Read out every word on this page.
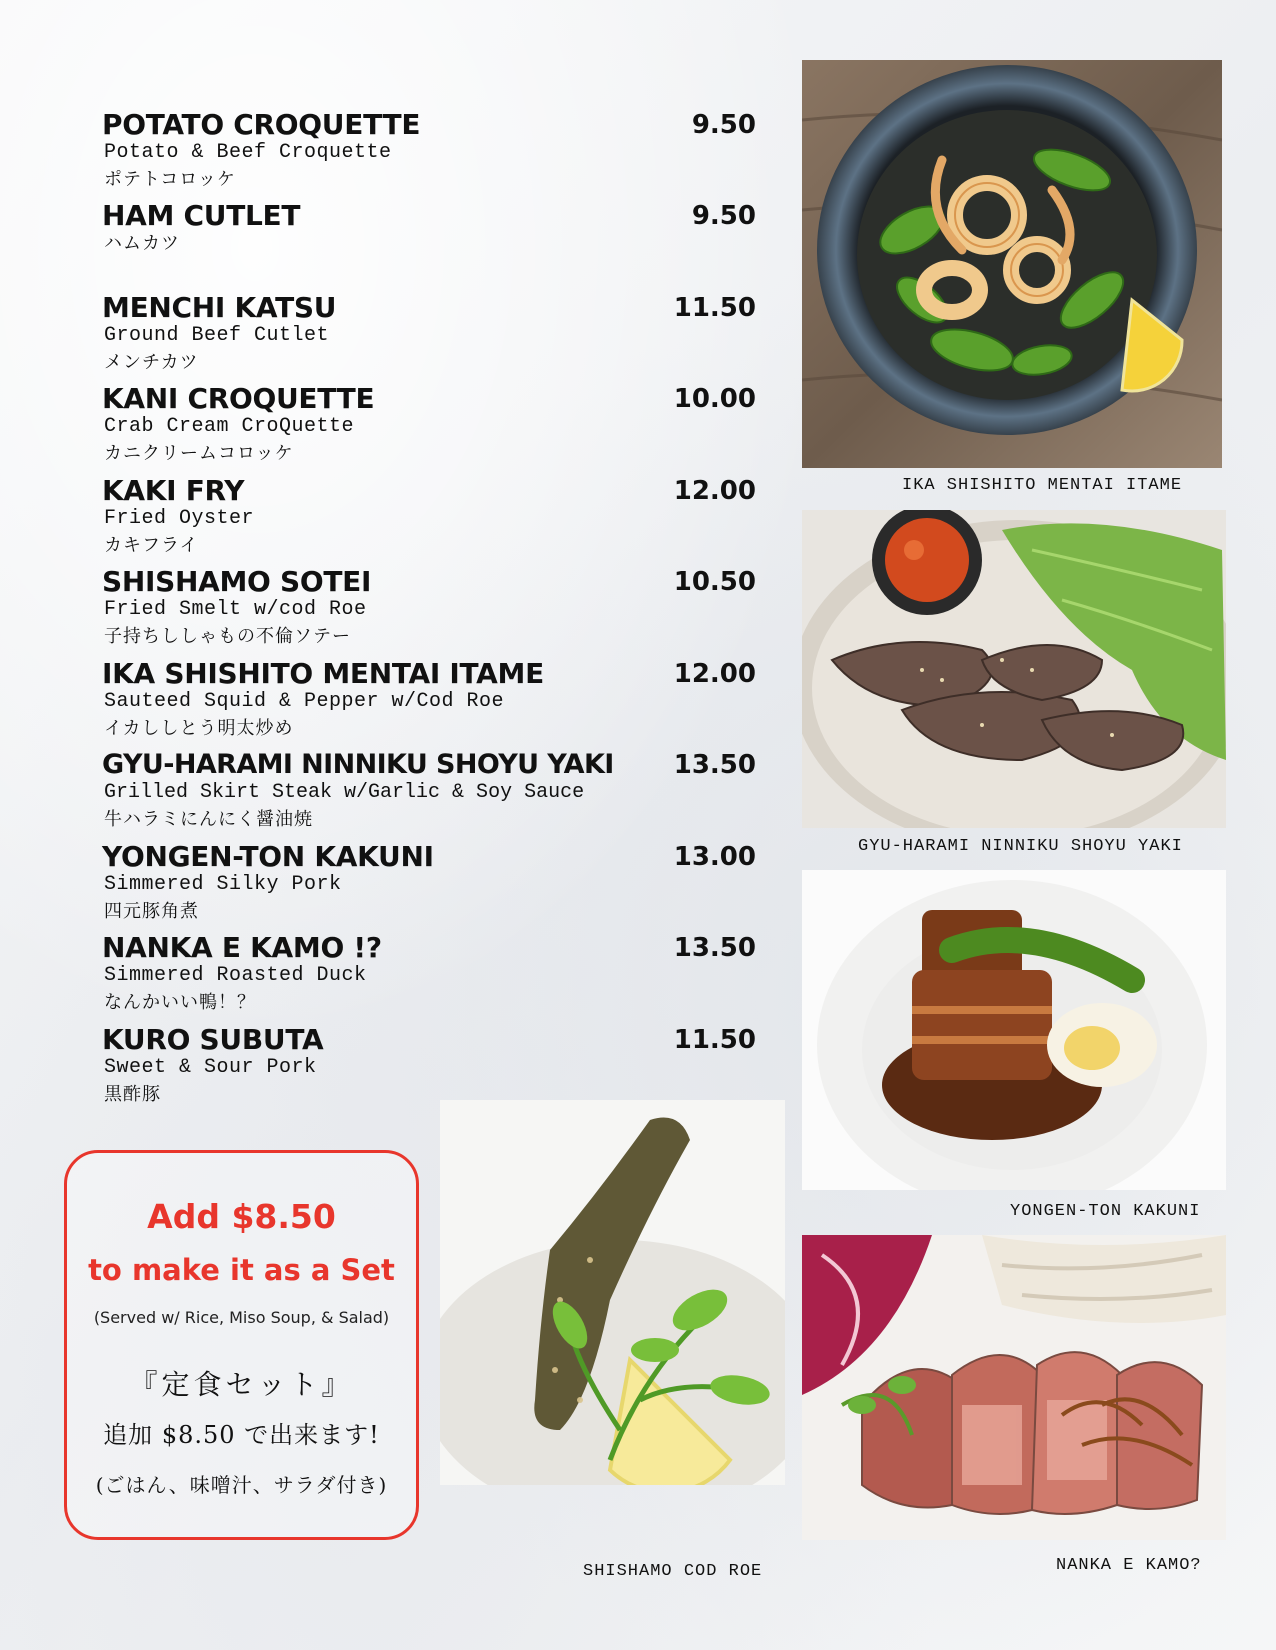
POTATO CROQUETTE	9.50
Potato & Beef Croquette
ポテトコロッケ
HAM CUTLET	9.50
ハムカツ
MENCHI KATSU	11.50
Ground Beef Cutlet
メンチカツ
KANI CROQUETTE	10.00
Crab Cream CroQuette
カニクリームコロッケ
KAKI FRY	12.00
Fried Oyster
カキフライ
SHISHAMO SOTEI	10.50
Fried Smelt w/cod Roe
子持ちししゃもの不倫ソテー
IKA SHISHITO MENTAI ITAME	12.00
Sauteed Squid & Pepper w/Cod Roe
イカししとう明太炒め
GYU-HARAMI NINNIKU SHOYU YAKI 13.50
Grilled Skirt Steak w/Garlic & Soy Sauce
牛ハラミにんにく醤油焼
YONGEN-TON KAKUNI	13.00
Simmered Silky Pork
四元豚角煮
NANKA E KAMO !?	13.50
Simmered Roasted Duck
なんかいい鴨！？
KURO SUBUTA	11.50
Sweet & Sour Pork
黒酢豚
IKA SHISHITO MENTAI ITAME
GYU-HARAMI NINNIKU SHOYU YAKI
YONGEN-TON KAKUNI
SHISHAMO COD ROE	NANKA E KAMO?
Add $8.50
to make it as a Set
(Served w/ Rice, Miso Soup, & Salad)
『定食セット』
追加 $8.50 で出来ます!
(ごはん、味噌汁、サラダ付き)
